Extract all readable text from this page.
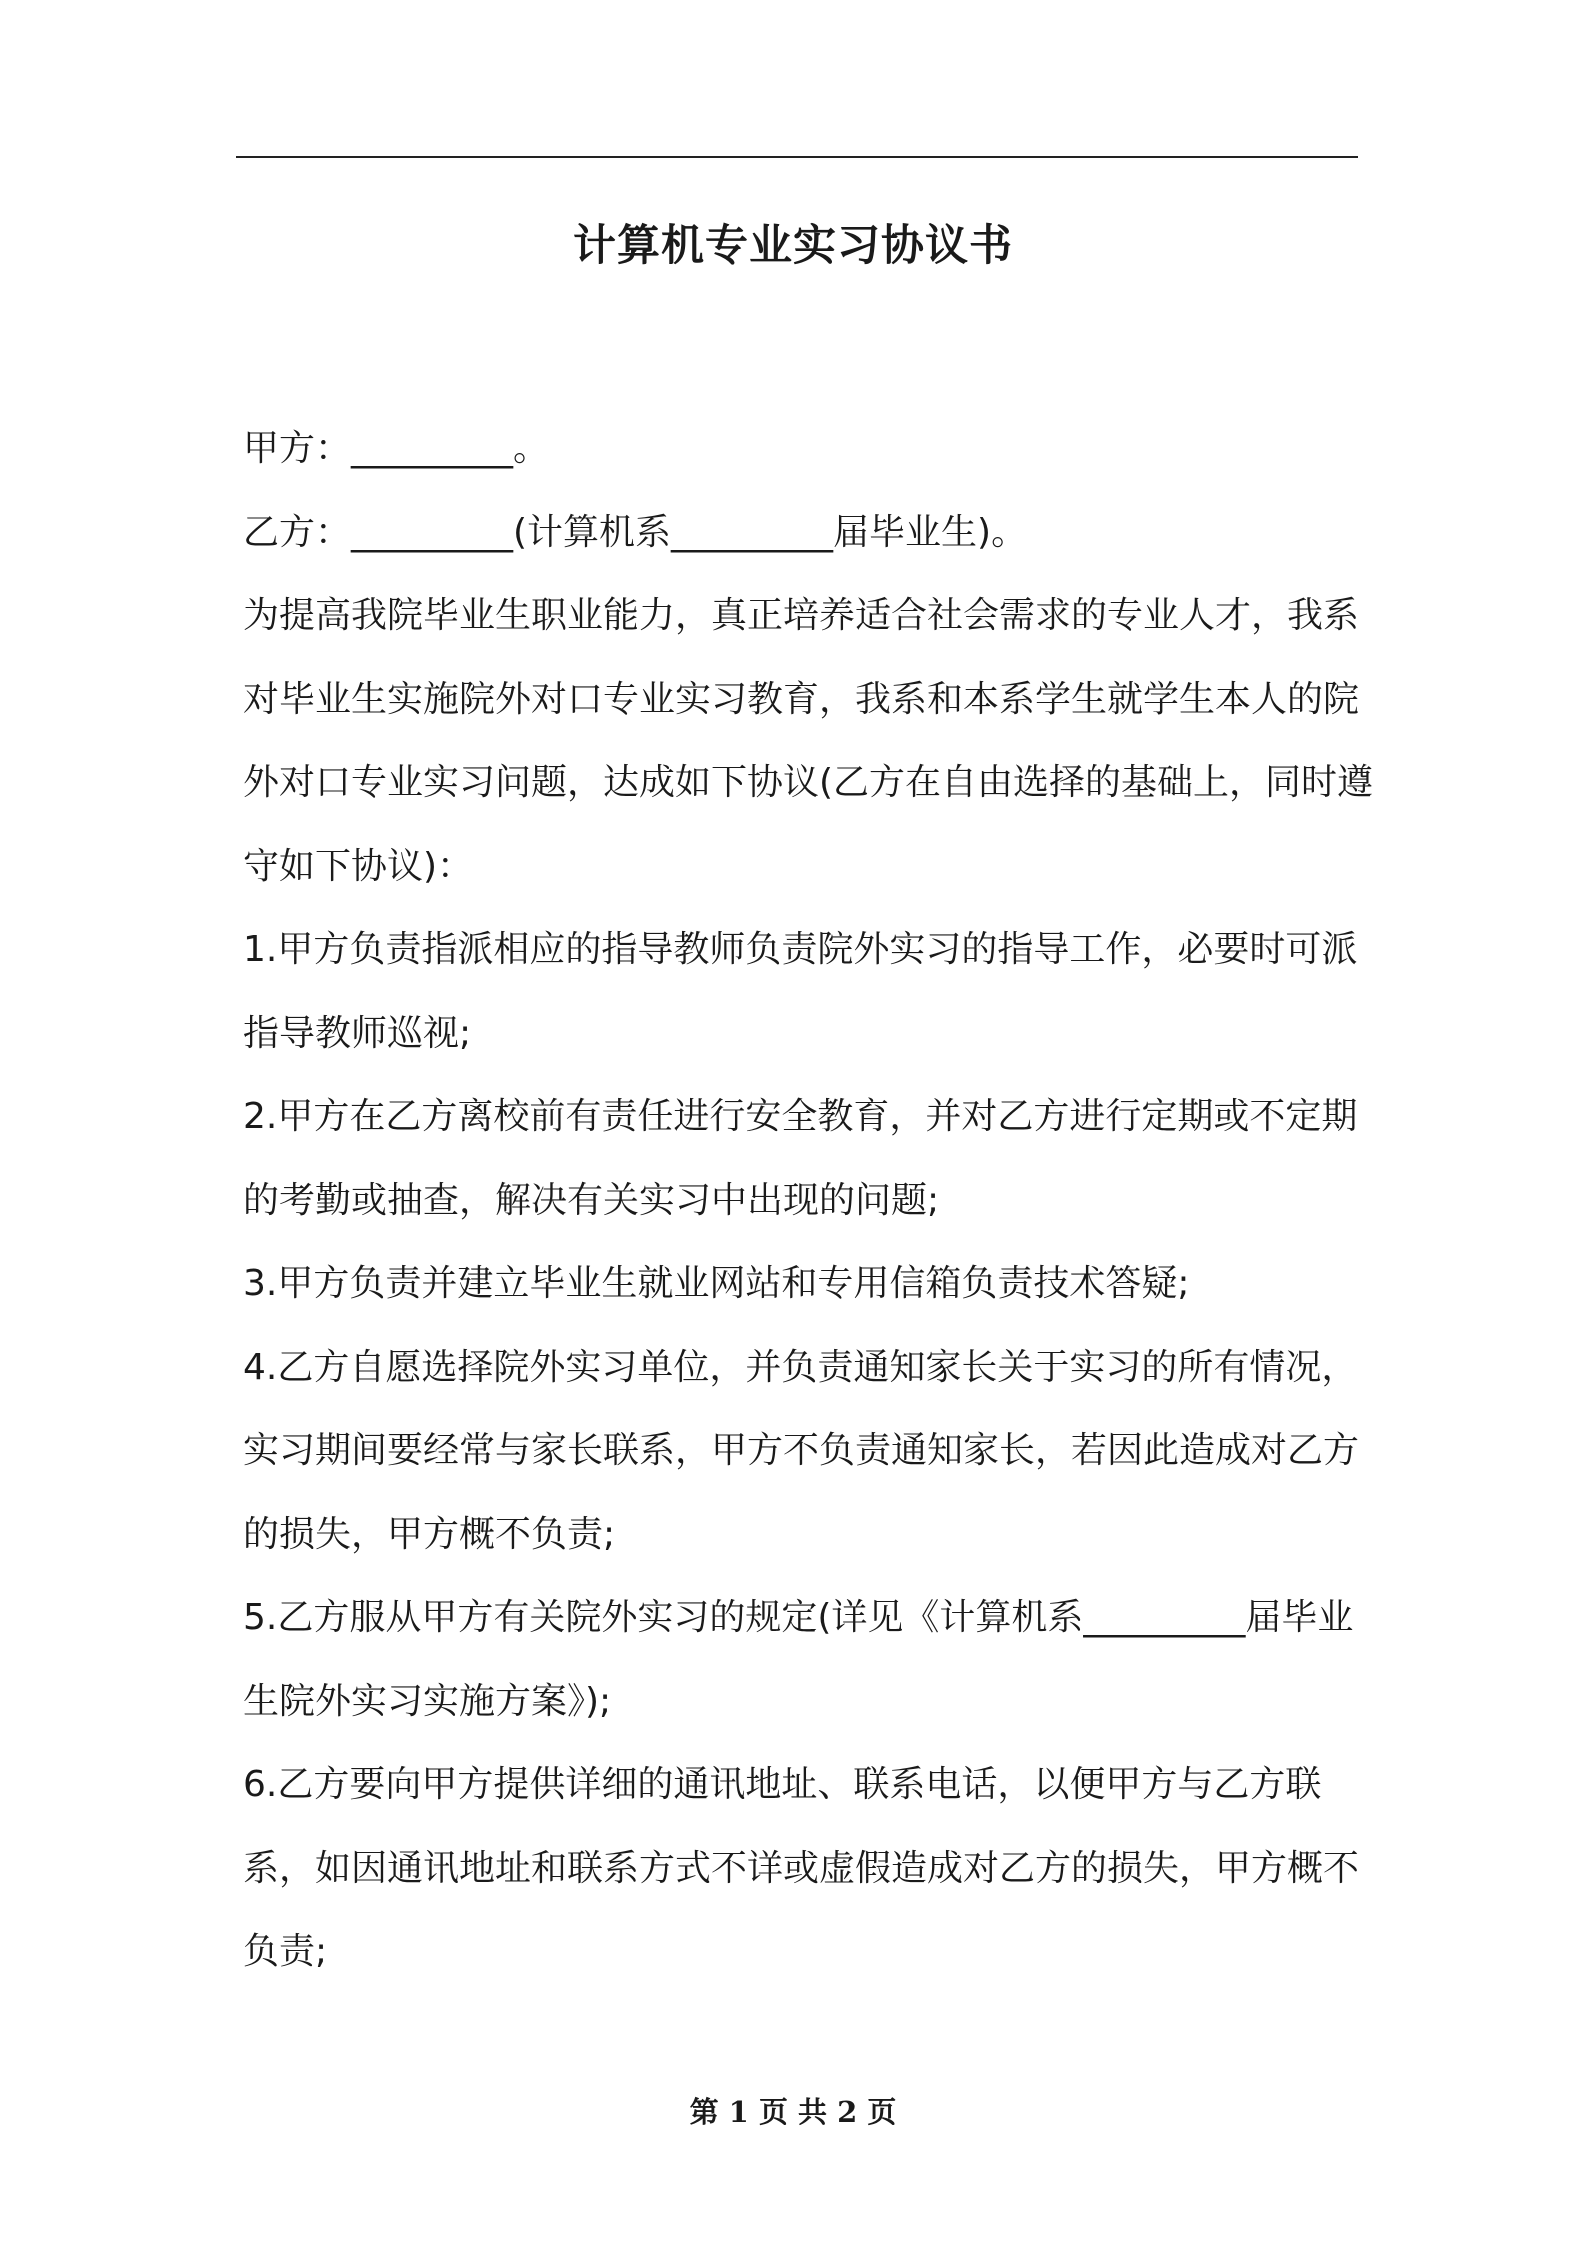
计算机专业实习协议书

甲方：_________。

乙方：_________(计算机系_________届毕业生)。

为提高我院毕业生职业能力，真正培养适合社会需求的专业人才，我系对毕业生实施院外对口专业实习教育，我系和本系学生就学生本人的院外对口专业实习问题，达成如下协议(乙方在自由选择的基础上，同时遵守如下协议)：

1.甲方负责指派相应的指导教师负责院外实习的指导工作，必要时可派指导教师巡视;

2.甲方在乙方离校前有责任进行安全教育，并对乙方进行定期或不定期的考勤或抽查，解决有关实习中出现的问题;

3.甲方负责并建立毕业生就业网站和专用信箱负责技术答疑;

4.乙方自愿选择院外实习单位，并负责通知家长关于实习的所有情况，实习期间要经常与家长联系，甲方不负责通知家长，若因此造成对乙方的损失，甲方概不负责;

5.乙方服从甲方有关院外实习的规定(详见《计算机系_________届毕业生院外实习实施方案》);

6.乙方要向甲方提供详细的通讯地址、联系电话，以便甲方与乙方联系，如因通讯地址和联系方式不详或虚假造成对乙方的损失，甲方概不负责;

第 1 页 共 2 页
